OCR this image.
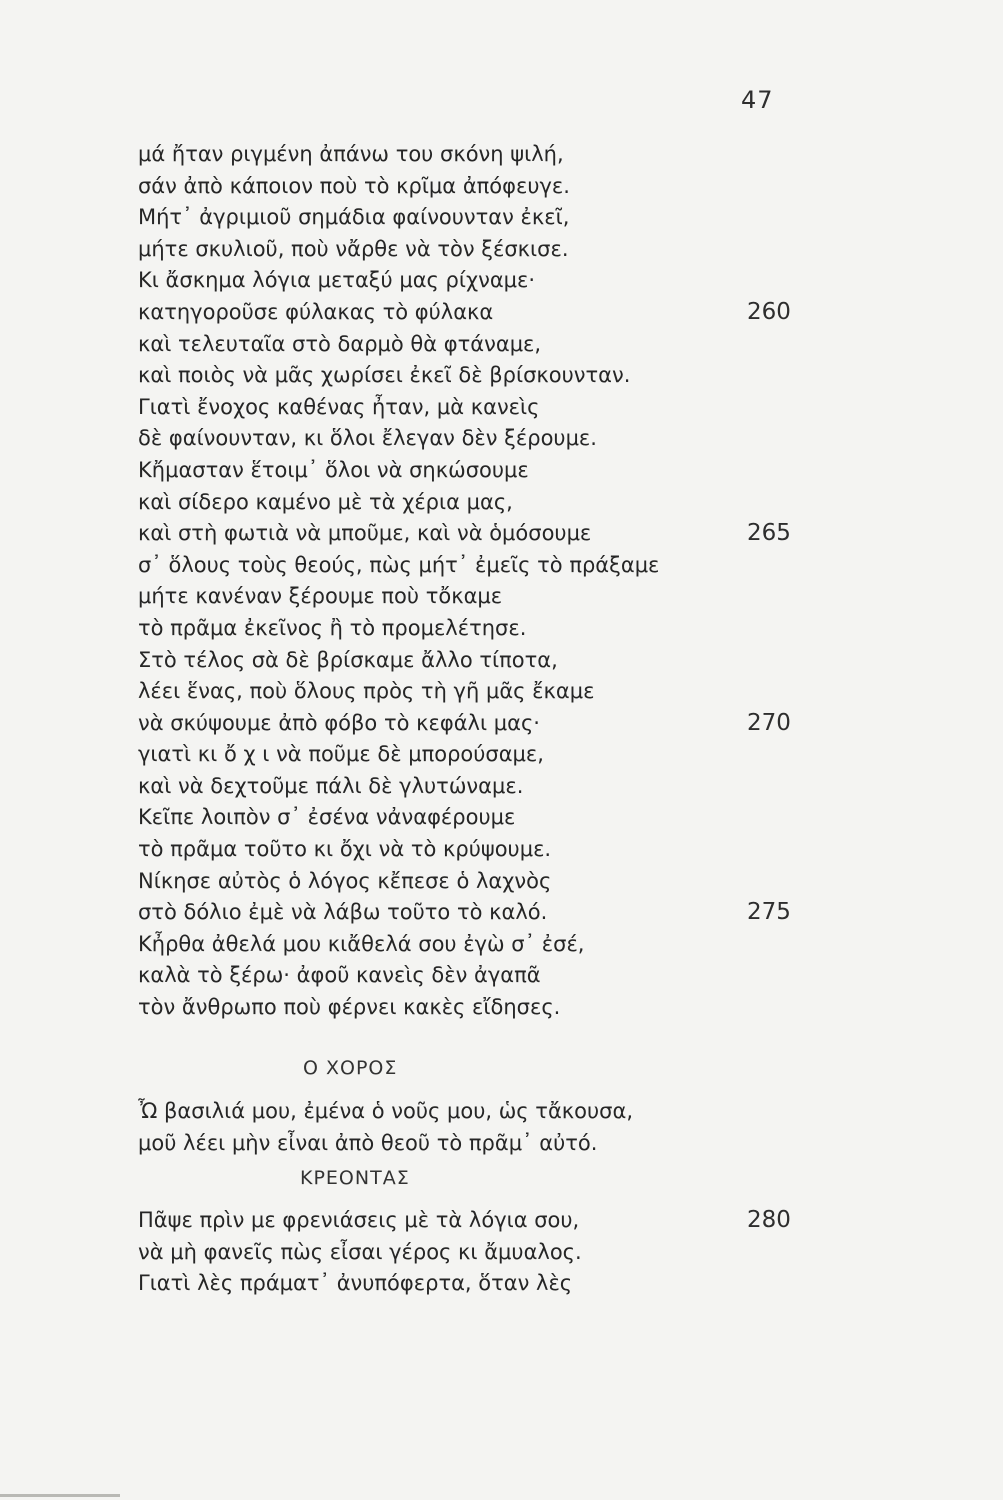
47
μά ἤταν ριγμένη ἀπάνω του σκόνη ψιλή,
σάν ἀπὸ κάποιον ποὺ τὸ κρῖμα ἀπόφευγε.
Μήτ᾽ ἀγριμιοῦ σημάδια φαίνουνταν ἐκεῖ,
μήτε σκυλιοῦ, ποὺ νἄρθε νὰ τὸν ξέσκισε.
Κι ἄσκημα λόγια μεταξύ μας ρίχναμε·
κατηγοροῦσε φύλακας τὸ φύλακα	260
καὶ τελευταῖα στὸ δαρμὸ θὰ φτάναμε,
καὶ ποιὸς νὰ μᾶς χωρίσει ἐκεῖ δὲ βρίσκουνταν.
Γιατὶ ἔνοχος καθένας ἦταν, μὰ κανεὶς
δὲ φαίνουνταν, κι ὅλοι ἔλεγαν δὲν ξέρουμε.
Κἤμασταν ἕτοιμ᾽ ὅλοι νὰ σηκώσουμε
καὶ σίδερο καμένο μὲ τὰ χέρια μας,
καὶ στὴ φωτιὰ νὰ μποῦμε, καὶ νὰ ὁμόσουμε	265
σ᾽ ὅλους τοὺς θεούς, πὼς μήτ᾽ ἐμεῖς τὸ πράξαμε
μήτε κανέναν ξέρουμε ποὺ τὄκαμε
τὸ πρᾶμα ἐκεῖνος ἢ τὸ προμελέτησε.
Στὸ τέλος σὰ δὲ βρίσκαμε ἄλλο τίποτα,
λέει ἕνας, ποὺ ὅλους πρὸς τὴ γῆ μᾶς ἔκαμε
νὰ σκύψουμε ἀπὸ φόβο τὸ κεφάλι μας·	270
γιατὶ κι ὄ χ ι νὰ ποῦμε δὲ μπορούσαμε,
καὶ νὰ δεχτοῦμε πάλι δὲ γλυτώναμε.
Κεῖπε λοιπὸν σ᾽ ἐσένα νἀναφέρουμε
τὸ πρᾶμα τοῦτο κι ὄχι νὰ τὸ κρύψουμε.
Νίκησε αὐτὸς ὁ λόγος κἔπεσε ὁ λαχνὸς
στὸ δόλιο ἐμὲ νὰ λάβω τοῦτο τὸ καλό.	275
Κἦρθα ἀθελά μου κιἄθελά σου ἐγὼ σ᾽ ἐσέ,
καλὰ τὸ ξέρω· ἀφοῦ κανεὶς δὲν ἀγαπᾶ
τὸν ἄνθρωπο ποὺ φέρνει κακὲς εἴδησες.
Ο ΧΟΡΟΣ
Ὦ βασιλιά μου, ἐμένα ὁ νοῦς μου, ὡς τἄκουσα,
μοῦ λέει μὴν εἶναι ἀπὸ θεοῦ τὸ πρᾶμ᾽ αὐτό.
ΚΡΕΟΝΤΑΣ
Πᾶψε πρὶν με φρενιάσεις μὲ τὰ λόγια σου,	280
νὰ μὴ φανεῖς πὼς εἶσαι γέρος κι ἄμυαλος.
Γιατὶ λὲς πράματ᾽ ἀνυπόφερτα, ὅταν λὲς
